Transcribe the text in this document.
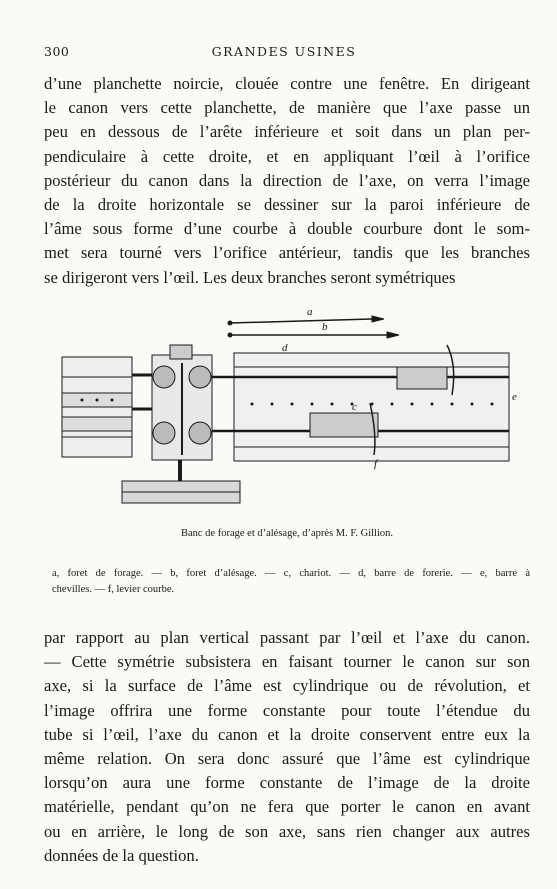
300	GRANDES USINES
d’une planchette noircie, clouée contre une fenêtre. En dirigeant
le canon vers cette planchette, de manière que l’axe passe un
peu en dessous de l’arête inférieure et soit dans un plan per-
pendiculaire à cette droite, et en appliquant l’œil à l’orifice
postérieur du canon dans la direction de l’axe, on verra l’image
de la droite horizontale se dessiner sur la paroi inférieure de
l’âme sous forme d’une courbe à double courbure dont le som-
met sera tourné vers l’orifice antérieur, tandis que les branches
se dirigeront vers l’œil. Les deux branches seront symétriques
a
b
c
d
e
f
Banc de forage et d’alésage, d’après M. F. Gillion.
a, foret de forage. — b, foret d’alésage. — c, chariot. — d, barre de forerie. — e, barre à
chevilles. — f, levier courbe.
par rapport au plan vertical passant par l’œil et l’axe du canon.
— Cette symétrie subsistera en faisant tourner le canon sur son
axe, si la surface de l’âme est cylindrique ou de révolution, et
l’image offrira une forme constante pour toute l’étendue du
tube si l’œil, l’axe du canon et la droite conservent entre eux la
même relation. On sera donc assuré que l’âme est cylindrique
lorsqu’on aura une forme constante de l’image de la droite
matérielle, pendant qu’on ne fera que porter le canon en avant
ou en arrière, le long de son axe, sans rien changer aux autres
données de la question.
